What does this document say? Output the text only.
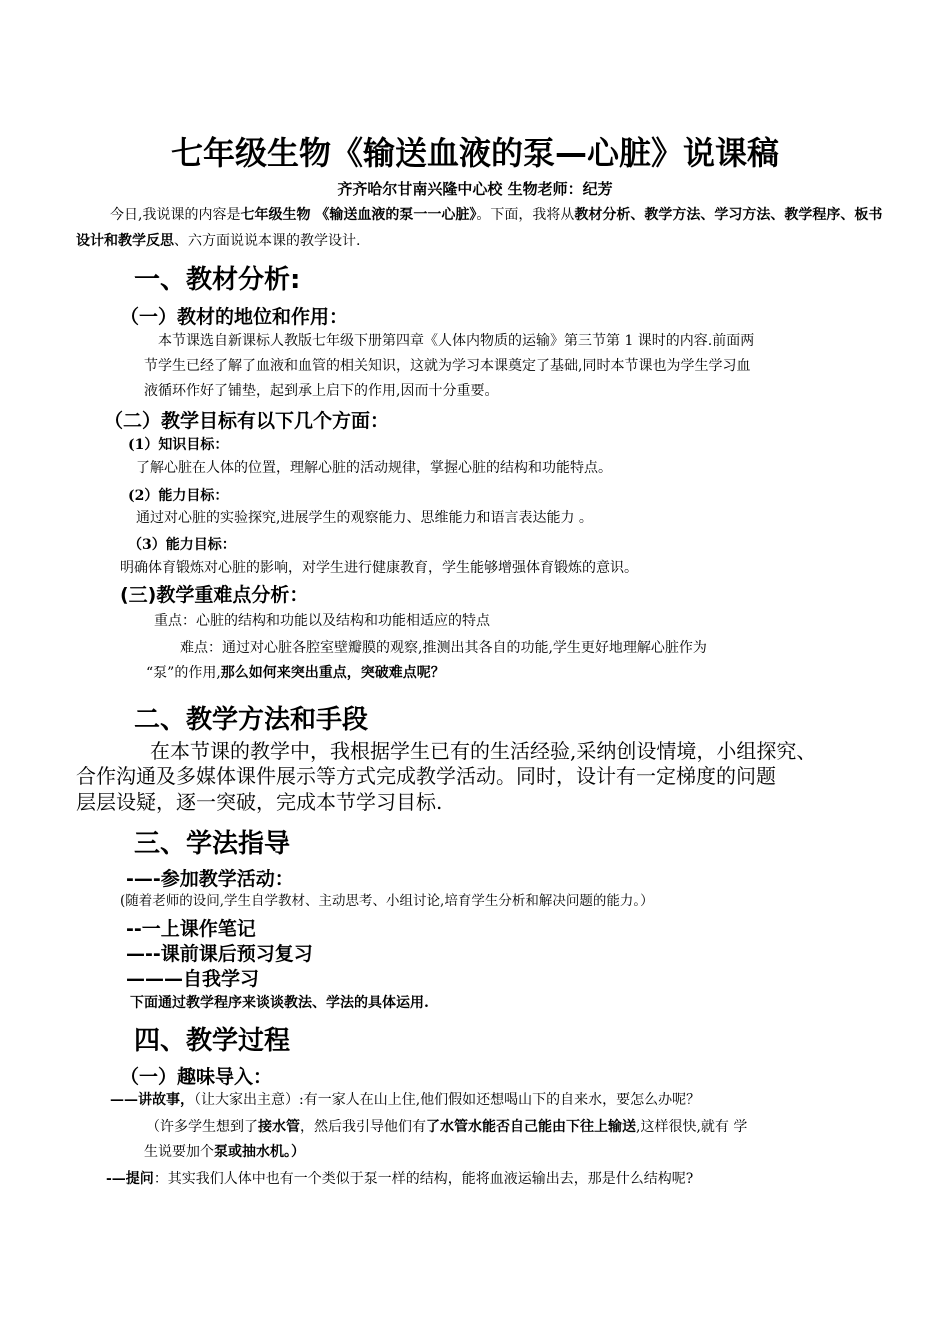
七年级生物《输送血液的泵—心脏》说课稿
齐齐哈尔甘南兴隆中心校 生物老师：纪芳
今日,我说课的内容是七年级生物 《输送血液的泵一一心脏》。下面，我将从教材分析、教学方法、学习方法、教学程序、板书设计和教学反思、六方面说说本课的教学设计.
一、教材分析:
（一）教材的地位和作用：
本节课选自新课标人教版七年级下册第四章《人体内物质的运输》第三节第 1 课时的内容.前面两
节学生已经了解了血液和血管的相关知识，这就为学习本课奠定了基础,同时本节课也为学生学习血
液循环作好了铺垫，起到承上启下的作用,因而十分重要。
（二）教学目标有以下几个方面：
(1）知识目标：
了解心脏在人体的位置，理解心脏的活动规律，掌握心脏的结构和功能特点。
(2）能力目标：
通过对心脏的实验探究,进展学生的观察能力、思维能力和语言表达能力 。
（3）能力目标：
明确体育锻炼对心脏的影响，对学生进行健康教育，学生能够增强体育锻炼的意识。
(三)教学重难点分析：
重点：心脏的结构和功能以及结构和功能相适应的特点
难点：通过对心脏各腔室壁瓣膜的观察,推测出其各自的功能,学生更好地理解心脏作为
“泵”的作用,那么如何来突出重点，突破难点呢？
二、教学方法和手段
在本节课的教学中，我根据学生已有的生活经验,采纳创设情境，小组探究、
合作沟通及多媒体课件展示等方式完成教学活动。同时，设计有一定梯度的问题
层层设疑，逐一突破，完成本节学习目标.
三、学法指导
-—-参加教学活动：
(随着老师的设问,学生自学教材、主动思考、小组讨论,培育学生分析和解决问题的能力。）
--一上课作笔记
—--课前课后预习复习
———自我学习
下面通过教学程序来谈谈教法、学法的具体运用.
四、教学过程
（一）趣味导入：
——讲故事，（让大家出主意）:有一家人在山上住,他们假如还想喝山下的自来水，要怎么办呢？
（许多学生想到了接水管，然后我引导他们有了水管水能否自己能由下往上输送,这样很快,就有 学
生说要加个泵或抽水机。）
-—提问：其实我们人体中也有一个类似于泵一样的结构，能将血液运输出去，那是什么结构呢?
